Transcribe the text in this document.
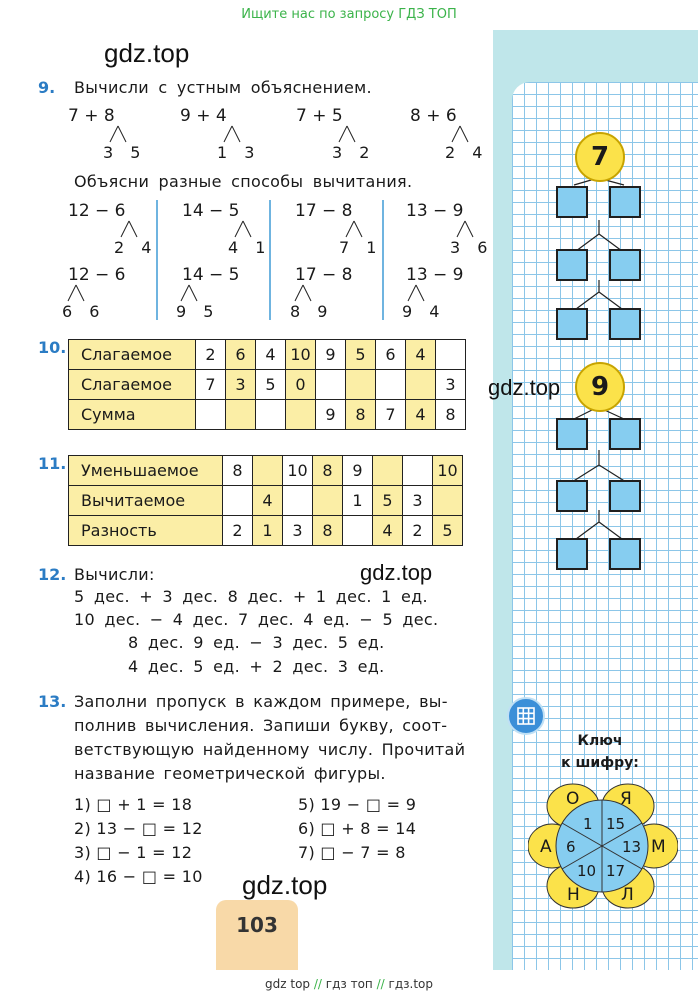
Ищите нас по запросу ГДЗ ТОП
gdz.top
gdz.top
gdz.top
gdz.top
9. Вычисли с устным объяснением.
7 + 8	9 + 4	7 + 5	8 + 6
3 5	1 3	3 2	2 4
Объясни разные способы вычитания.
12 − 6	14 − 5	17 − 8	13 − 9
2 4	4 1	7 1	3 6
12 − 6	14 − 5	17 − 8	13 − 9
6 6	9 5	8 9	9 4
10. Слагаемое	2	6	4	10	9	5	6	4	
Слагаемое	7	3	5	0					3
Сумма					9	8	7	4	8
11. Уменьшаемое	8		10	8	9			10
Вычитаемое		4			1	5	3	
Разность	2	1	3	8		4	2	5
12. Вычисли:
5 дес. + 3 дес. 8 дес. + 1 дес. 1 ед.
10 дес. − 4 дес. 7 дес. 4 ед. − 5 дес.
8 дес. 9 ед. − 3 дес. 5 ед.
4 дес. 5 ед. + 2 дес. 3 ед.
13. Заполни пропуск в каждом примере, вы-
полнив вычисления. Запиши букву, соот-
ветствующую найденному числу. Прочитай
название геометрической фигуры.
1) □ + 1 = 18
2) 13 − □ = 12
3) □ − 1 = 12
4) 16 − □ = 10
5) 19 − □ = 9
6) □ + 8 = 14
7) □ − 7 = 8
7
9
Ключ
к шифру:
О Я
М
Л
Н
А
1 15
13
17
10
6
103
gdz top // гдз топ // гдз.top
